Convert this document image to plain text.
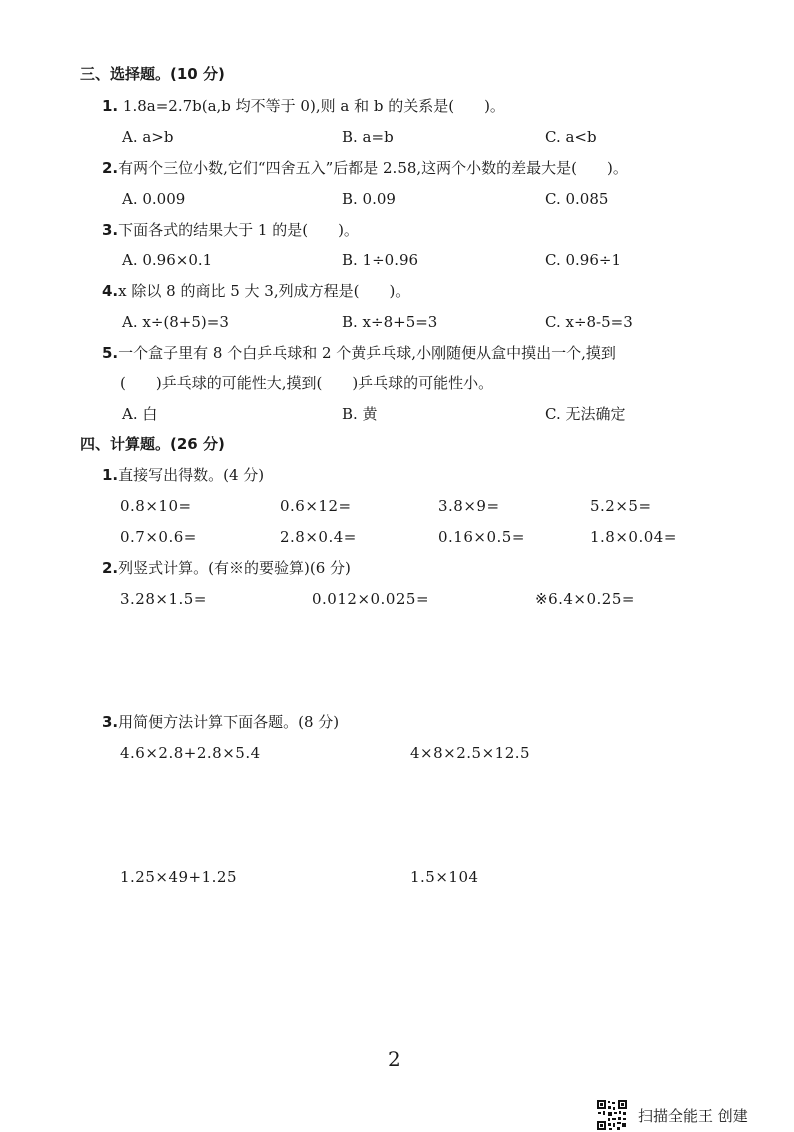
三、选择题。(10 分)
1. 1.8a=2.7b(a,b 均不等于 0),则 a 和 b 的关系是(　　)。
A. a>b	B. a=b	C. a<b
2.有两个三位小数,它们“四舍五入”后都是 2.58,这两个小数的差最大是(　　)。
A. 0.009	B. 0.09	C. 0.085
3.下面各式的结果大于 1 的是(　　)。
A. 0.96×0.1	B. 1÷0.96	C. 0.96÷1
4.x 除以 8 的商比 5 大 3,列成方程是(　　)。
A. x÷(8+5)=3	B. x÷8+5=3	C. x÷8-5=3
5.一个盒子里有 8 个白乒乓球和 2 个黄乒乓球,小刚随便从盒中摸出一个,摸到
(　　)乒乓球的可能性大,摸到(　　)乒乓球的可能性小。
A. 白	B. 黄	C. 无法确定
四、计算题。(26 分)
1.直接写出得数。(4 分)
0.8×10=	0.6×12=	3.8×9=	5.2×5=
0.7×0.6=	2.8×0.4=	0.16×0.5=	1.8×0.04=
2.列竖式计算。(有※的要验算)(6 分)
3.28×1.5=	0.012×0.025=	※6.4×0.25=
3.用简便方法计算下面各题。(8 分)
4.6×2.8+2.8×5.4	4×8×2.5×12.5
1.25×49+1.25	1.5×104
2
扫描全能王 创建
